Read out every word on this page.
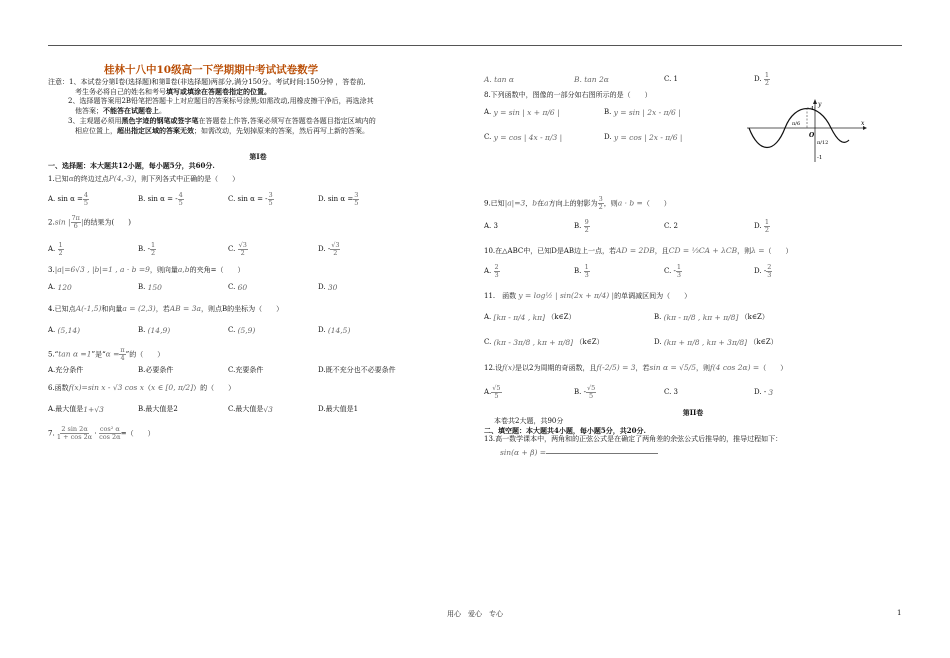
桂林十八中10级高一下学期期中考试试卷数学

注意：1、本试卷分第Ⅰ卷(选择题)和第Ⅱ卷(非选择题)两部分,满分150分。考试时间:150分钟 ，答卷前,

考生务必将自己的姓名和考号填写或填涂在答题卷指定的位置。

2、选择题答案用2B铅笔把答题卡上对应题目的答案标号涂黑;如需改动,用橡皮擦干净后，再选涂其

他答案；不能答在试题卷上。

3、主观题必须用黑色字迹的钢笔或签字笔在答题卷上作答,答案必须写在答题卷各题目指定区域内的

相应位置上，超出指定区域的答案无效；如需改动，先划掉原来的答案，然后再写上新的答案。

第Ⅰ卷

一、选择题：本大题共12小题，每小题5分，共60分.

1.已知α的终边过点P(4,-3)，则下列各式中正确的是（　　）

A. $\sin \alpha = \frac{4}{5}$	B. sin α = - $\frac{4}{5}$	C. sin α = - $\frac{3}{5}$	D. $\sin \alpha = \frac{3}{5}$

2.sin | $\frac{7\pi}{6}$ |的结果为(　　)

A.
$\frac{1}{2}$	B.
- $\frac{1}{2}$	C.
$\frac{√3}{2}$	D.
- $\frac{√3}{2}$

3.|a|=6√3 , |b|=1 , a · b =9，则向量a,b的夹角=（　　）

A.
120	B.
150	C.
60	D.
30

4.已知点A(-1,5)和向量a = (2,3)，若AB = 3a，则点B的坐标为（　　）

A.
(5,14)	B.
(14,9)	C.
(5,9)	D.
(14,5)

5.“tan α =1”是“$\alpha = \frac{\pi}{4}$ ”的（　　）

A.充分条件	B.必要条件	C.充要条件	D.既不充分也不必要条件

6.函数f(x)=sin x - √3 cos x（x ∈ [0, π/2]）的（　　）

A.最大值是 1+√3	B.最大值是2	C.最大值是 √3	D.最大值是1

7. $\frac{2 \sin 2\alpha}{1 + \cos 2\alpha} \cdot \frac{\text{cos² α}}{\cos 2\alpha}$ =（　　）

A. tan α	B. tan 2α	C. 1	D.
$\frac{1}{2}$

8.下列函数中，图像的一部分如右图所示的是（　　）

A.
y = sin | x + π/6 |	B.
y = sin | 2x - π/6 |
C.
y = cos | 4x - π/3 |	D.
y = cos | 2x - π/6 |
y
x
O
1
-1
π/6
π/12

9.已知|a|=3，b在a方向上的射影为 $\frac{3}{2}$ ，则a · b =（　　）

A. 3	B.
$\frac{9}{2}$	C. 2	D.
$\frac{1}{2}$

10.在△ABC中，已知D是AB边上一点，若AD = 2DB，且CD = ⅓CA + λCB，则λ =（　　）

A.
$\frac{2}{3}$	B.
$\frac{1}{3}$	C. - $\frac{1}{3}$	D. - $\frac{2}{3}$

11.　函数 y = log½ | sin(2x + π/4) |的单调减区间为（　　）

A.
[kπ - π/4 , kπ]
（k∈Z）	B.
(kπ - π/8 , kπ + π/8]
（k∈Z）
C.
(kπ - 3π/8 , kπ + π/8]
（k∈Z）	D.
(kπ + π/8 , kπ + 3π/8]
（k∈Z）

12.设f(x)是以2为周期的奇函数，且f(-2/5) = 3，若sin α = √5/5，则f(4 cos 2α) =（　　）

A. $\frac{√5}{5}$	B. - $\frac{√5}{5}$	C. 3	D. -
3

第II卷

本卷共2大题，共90分

二、填空题：本大题共4小题，每小题5分，共20分.

13.高一数学课本中，两角和的正弦公式是在确定了两角差的余弦公式后推导的，推导过程如下：

sin(α + β) =

用心　爱心　专心	1
